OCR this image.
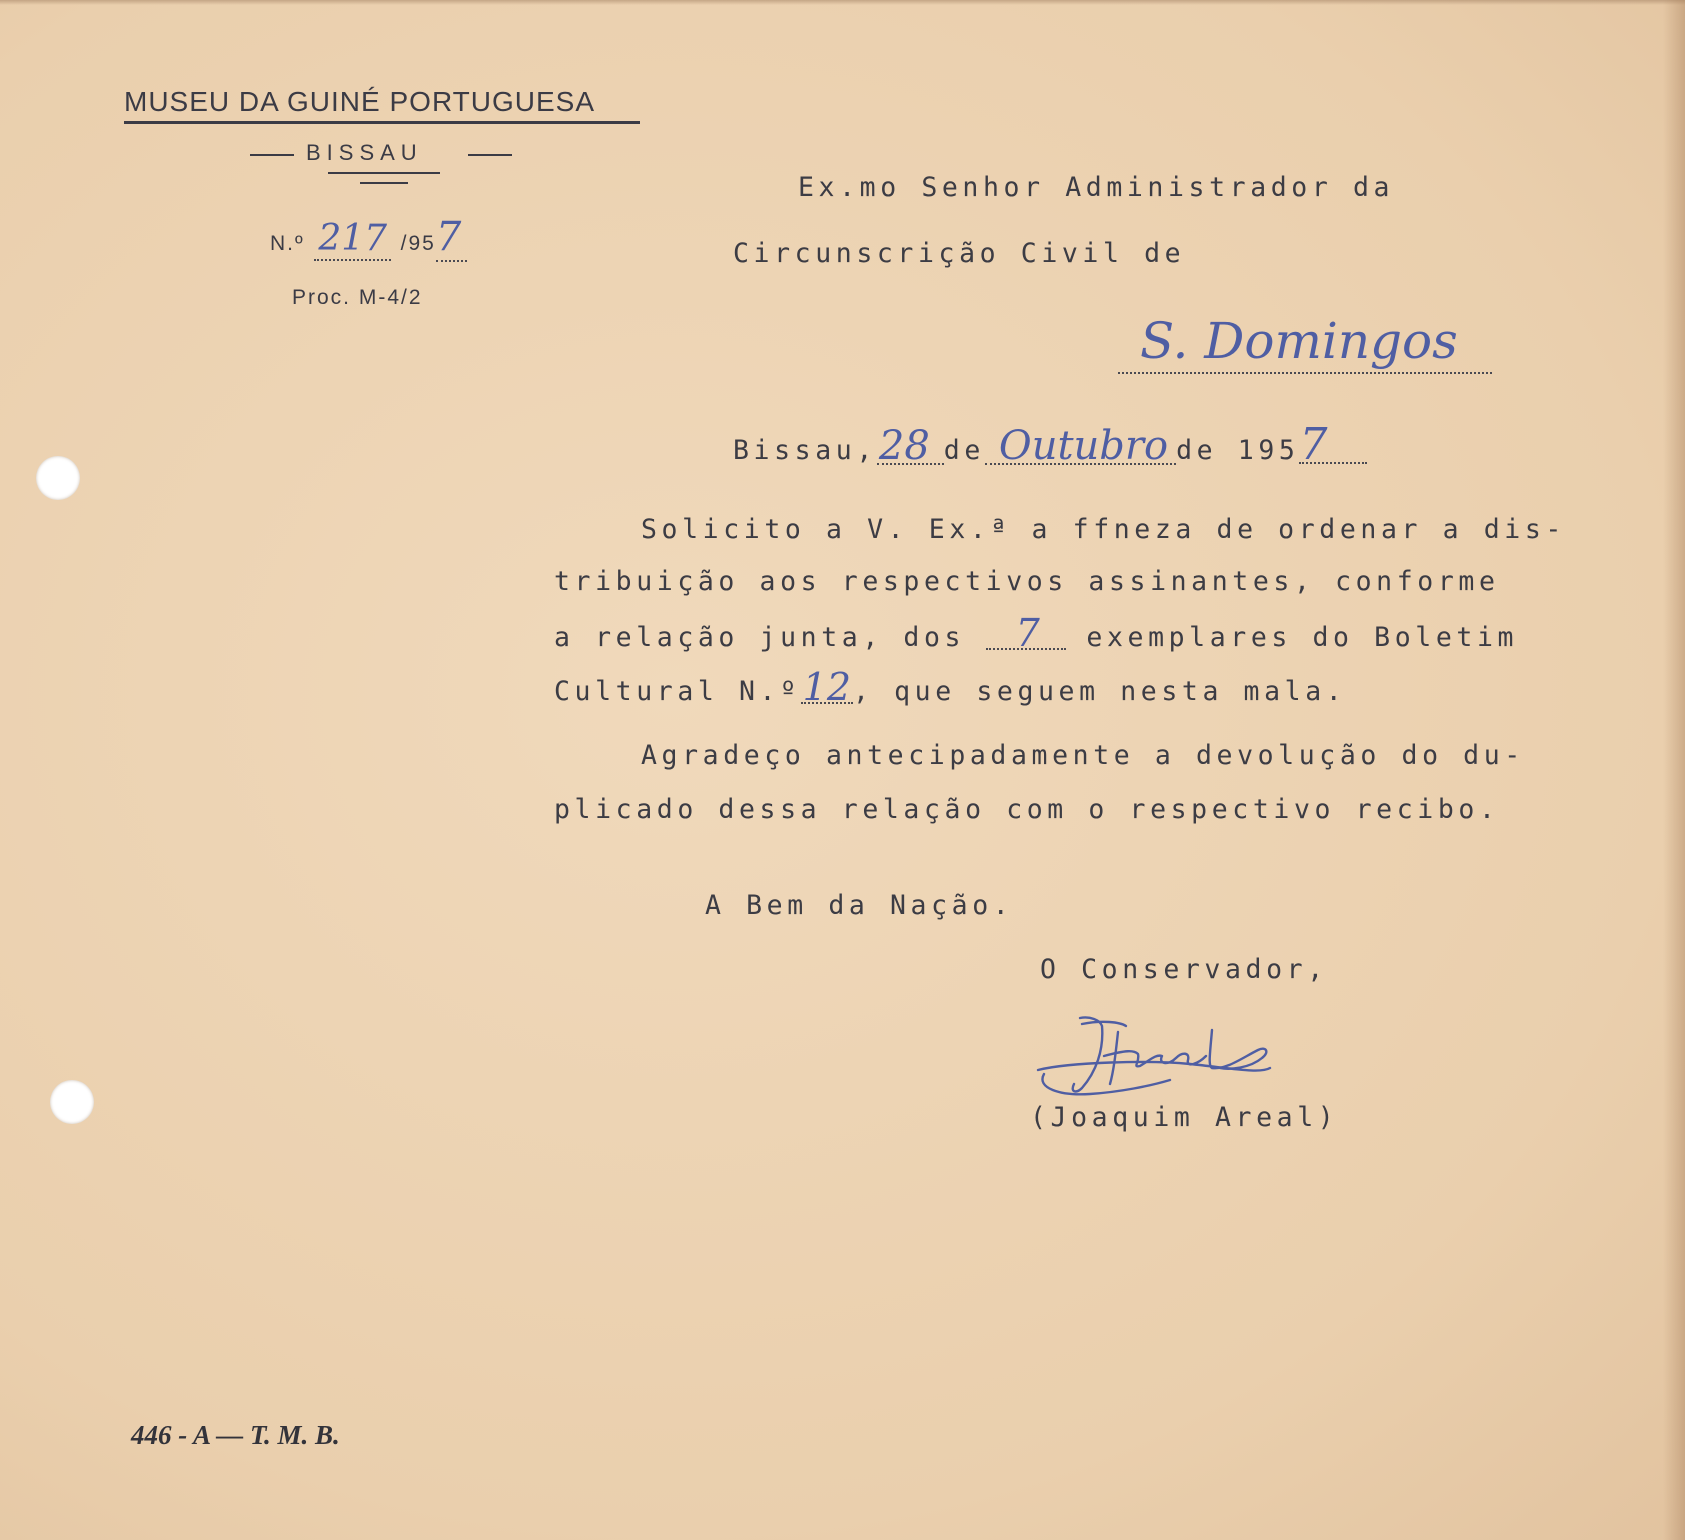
MUSEU DA GUINÉ PORTUGUESA
BISSAU
N.º 217 /957
Proc. M-4/2
Ex.mo Senhor Administrador da
Circunscrição Civil de
S. Domingos
Bissau,28 de Outubro de 1957
Solicito a V. Ex.ª a ffneza de ordenar a dis-
tribuição aos respectivos assinantes, conforme
a relação junta, dos 7 exemplares do Boletim
Cultural N.º12, que seguem nesta mala.
Agradeço antecipadamente a devolução do du-
plicado dessa relação com o respectivo recibo.
A Bem da Nação.
O Conservador,
(Joaquim Areal)
446 - A — T. M. B.
